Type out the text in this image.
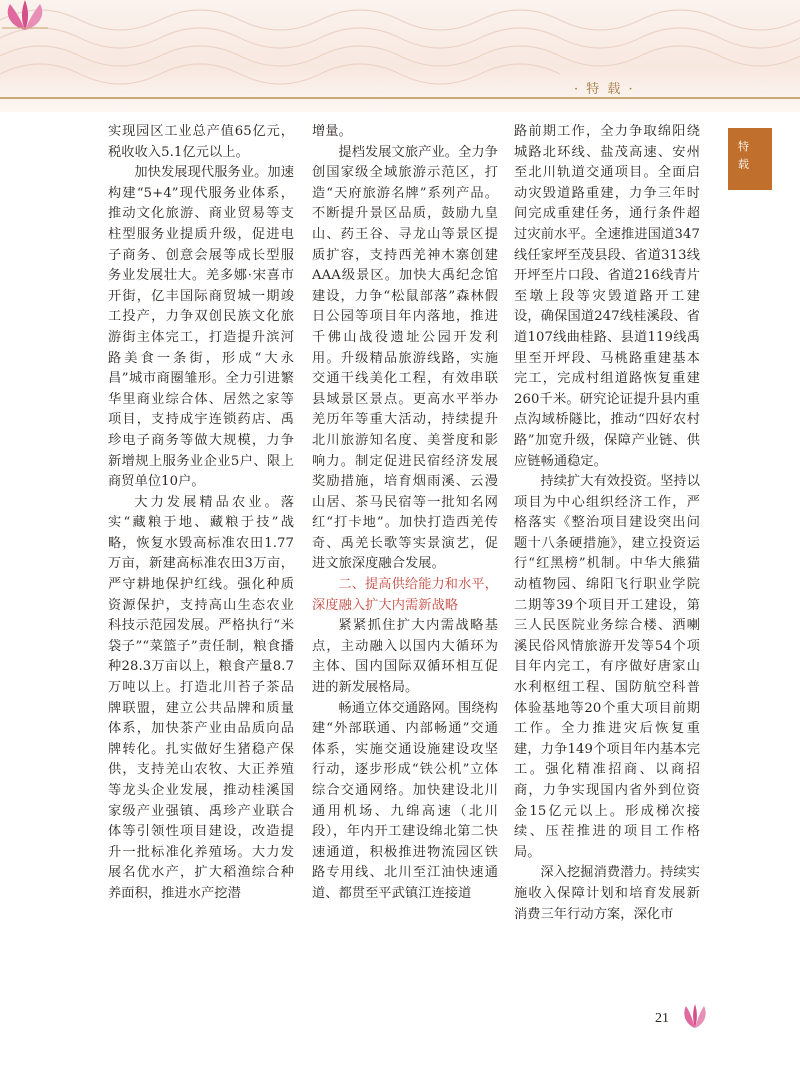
· 特 载 ·
特
载

实现园区工业总产值65亿元，税收收入5.1亿元以上。

加快发展现代服务业。加速构建“5+4”现代服务业体系，推动文化旅游、商业贸易等支柱型服务业提质升级，促进电子商务、创意会展等成长型服务业发展壮大。羌多娜·宋喜市开街，亿丰国际商贸城一期竣工投产，力争双创民族文化旅游街主体完工，打造提升滨河路美食一条街，形成“大永昌”城市商圈雏形。全力引进繁华里商业综合体、居然之家等项目，支持成宇连锁药店、禹珍电子商务等做大规模，力争新增规上服务业企业5户、限上商贸单位10户。

大力发展精品农业。落实“藏粮于地、藏粮于技”战略，恢复水毁高标准农田1.77万亩，新建高标准农田3万亩，严守耕地保护红线。强化种质资源保护，支持高山生态农业科技示范园发展。严格执行“米袋子”“菜篮子”责任制，粮食播种28.3万亩以上，粮食产量8.7万吨以上。打造北川苔子茶品牌联盟，建立公共品牌和质量体系，加快茶产业由品质向品牌转化。扎实做好生猪稳产保供，支持羌山农牧、大正养殖等龙头企业发展，推动桂溪国家级产业强镇、禹珍产业联合体等引领性项目建设，改造提升一批标准化养殖场。大力发展名优水产，扩大稻渔综合种养面积，推进水产挖潜

增量。

提档发展文旅产业。全力争创国家级全域旅游示范区，打造“天府旅游名牌”系列产品。不断提升景区品质，鼓励九皇山、药王谷、寻龙山等景区提质扩容，支持西羌神木寨创建AAA级景区。加快大禹纪念馆建设，力争“松鼠部落”森林假日公园等项目年内落地，推进千佛山战役遗址公园开发利用。升级精品旅游线路，实施交通干线美化工程，有效串联县域景区景点。更高水平举办羌历年等重大活动，持续提升北川旅游知名度、美誉度和影响力。制定促进民宿经济发展奖励措施，培育烟雨溪、云漫山居、茶马民宿等一批知名网红“打卡地”。加快打造西羌传奇、禹羌长歌等实景演艺，促进文旅深度融合发展。

二、提高供给能力和水平，深度融入扩大内需新战略

紧紧抓住扩大内需战略基点，主动融入以国内大循环为主体、国内国际双循环相互促进的新发展格局。

畅通立体交通路网。围绕构建“外部联通、内部畅通”交通体系，实施交通设施建设攻坚行动，逐步形成“铁公机”立体综合交通网络。加快建设北川通用机场、九绵高速（北川段），年内开工建设绵北第二快速通道，积极推进物流园区铁路专用线、北川至江油快速通道、都贯至平武镇江连接道

路前期工作，全力争取绵阳绕城路北环线、盐茂高速、安州至北川轨道交通项目。全面启动灾毁道路重建，力争三年时间完成重建任务，通行条件超过灾前水平。全速推进国道347线任家坪至茂县段、省道313线开坪至片口段、省道216线青片至墩上段等灾毁道路开工建设，确保国道247线桂溪段、省道107线曲桂路、县道119线禹里至开坪段、马桃路重建基本完工，完成村组道路恢复重建260千米。研究论证提升县内重点沟域桥隧比，推动“四好农村路”加宽升级，保障产业链、供应链畅通稳定。

持续扩大有效投资。坚持以项目为中心组织经济工作，严格落实《整治项目建设突出问题十八条硬措施》，建立投资运行“红黑榜”机制。中华大熊猫动植物园、绵阳飞行职业学院二期等39个项目开工建设，第三人民医院业务综合楼、洒喇溪民俗风情旅游开发等54个项目年内完工，有序做好唐家山水利枢纽工程、国防航空科普体验基地等20个重大项目前期工作。全力推进灾后恢复重建，力争149个项目年内基本完工。强化精准招商、以商招商，力争实现国内省外到位资金15亿元以上。形成梯次接续、压茬推进的项目工作格局。

深入挖掘消费潜力。持续实施收入保障计划和培育发展新消费三年行动方案，深化市

21
